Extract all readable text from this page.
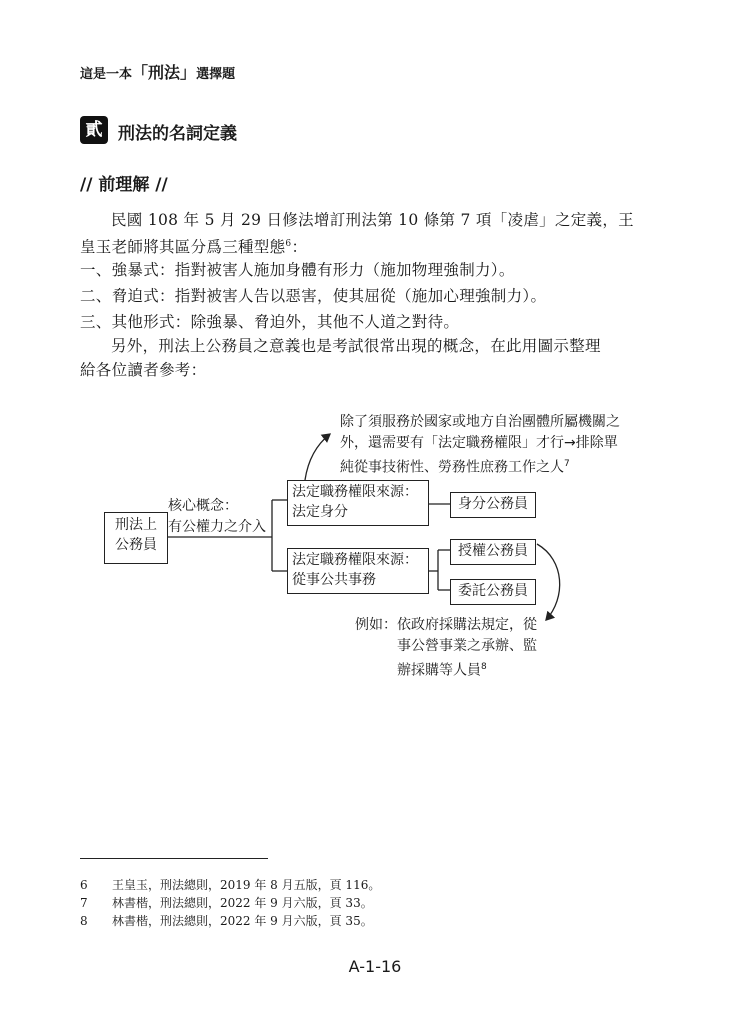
這是一本「刑法」選擇題
貳 刑法的名詞定義
// 前理解 //
民國 108 年 5 月 29 日修法增訂刑法第 10 條第 7 項「凌虐」之定義，王
皇玉老師將其區分爲三種型態$^6$：
一、強暴式：指對被害人施加身體有形力（施加物理強制力）。
二、脅迫式：指對被害人告以惡害，使其屈從（施加心理強制力）。
三、其他形式：除強暴、脅迫外，其他不人道之對待。
另外，刑法上公務員之意義也是考試很常出現的概念，在此用圖示整理
給各位讀者參考：
刑法上
公務員
核心概念：
有公權力之介入
法定職務權限來源：
法定身分
法定職務權限來源：
從事公共事務
身分公務員
授權公務員
委託公務員
除了須服務於國家或地方自治團體所屬機關之
外，還需要有「法定職務權限」才行→排除單
純從事技術性、勞務性庶務工作之人$^7$
例如：依政府採購法規定，從
事公營事業之承辦、監
辦採購等人員$^8$
6 王皇玉，刑法總則，2019 年 8 月五版，頁 116。
7 林書楷，刑法總則，2022 年 9 月六版，頁 33。
8 林書楷，刑法總則，2022 年 9 月六版，頁 35。
A-1-16
